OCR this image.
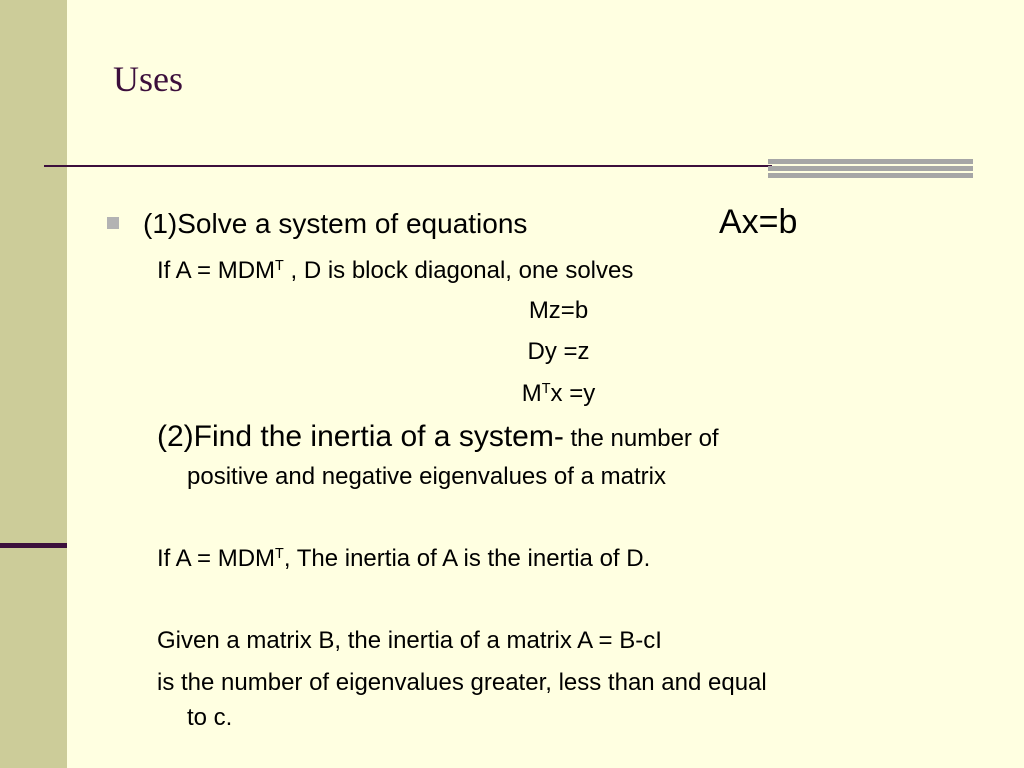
Uses
(1)Solve a system of equations	Ax=b
If $A = MDM^T$ , D is block diagonal, one solves
Mz=b
Dy =z
$M^Tx =y$
(2)Find the inertia of a system- the number of
positive and negative eigenvalues of a matrix
If $A = MDM^T$, The inertia of A is the inertia of D.
Given a matrix B, the inertia of a matrix A = B-cI
is the number of eigenvalues greater, less than and equal
to c.
